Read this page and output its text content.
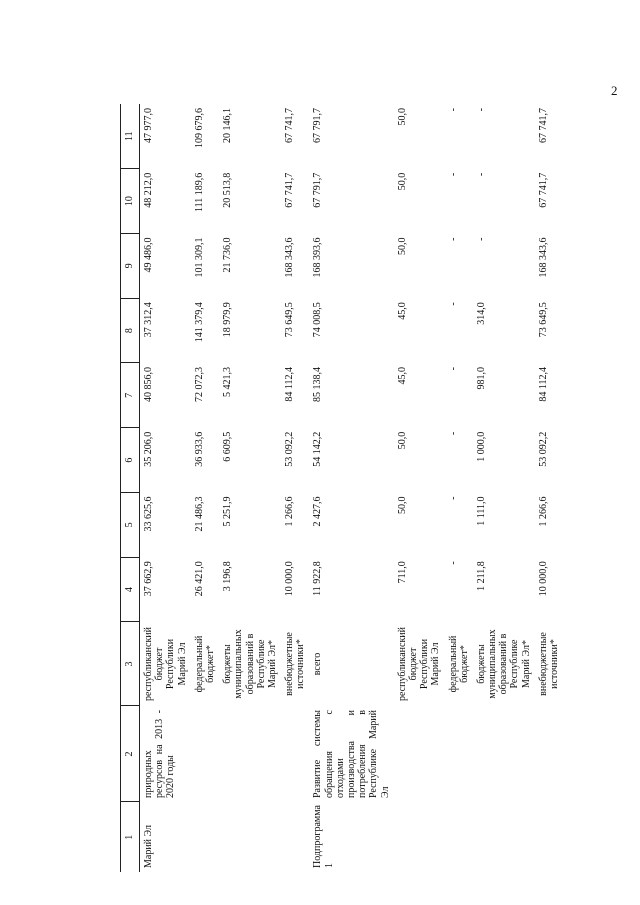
2
1	2	3	4	5	6	7	8	9	10	11
Марий Эл	природных ресурсов на 2013 - 2020 годы	республиканский бюджет Республики Марий Эл	37 662,9	33 625,6	35 206,0	40 856,0	37 312,4	49 486,0	48 212,0	47 977,0
		федеральный бюджет*	26 421,0	21 486,3	36 933,6	72 072,3	141 379,4	101 309,1	111 189,6	109 679,6
		бюджеты муниципальных образований в Республике Марий Эл*	3 196,8	5 251,9	6 609,5	5 421,3	18 979,9	21 736,0	20 513,8	20 146,1
		внебюджетные источники*	10 000,0	1 266,6	53 092,2	84 112,4	73 649,5	168 343,6	67 741,7	67 741,7
Подпрограмма 1	Развитие системы обращения с отходами производства и потребления в Республике Марий Эл	всего	11 922,8	2 427,6	54 142,2	85 138,4	74 008,5	168 393,6	67 791,7	67 791,7
		республиканский бюджет Республики Марий Эл	711,0	50,0	50,0	45,0	45,0	50,0	50,0	50,0
		федеральный бюджет*	-	-	-	-	-	-	-	-
		бюджеты муниципальных образований в Республике Марий Эл*	1 211,8	1 111,0	1 000,0	981,0	314,0	-	-	-
		внебюджетные источники*	10 000,0	1 266,6	53 092,2	84 112,4	73 649,5	168 343,6	67 741,7	67 741,7
